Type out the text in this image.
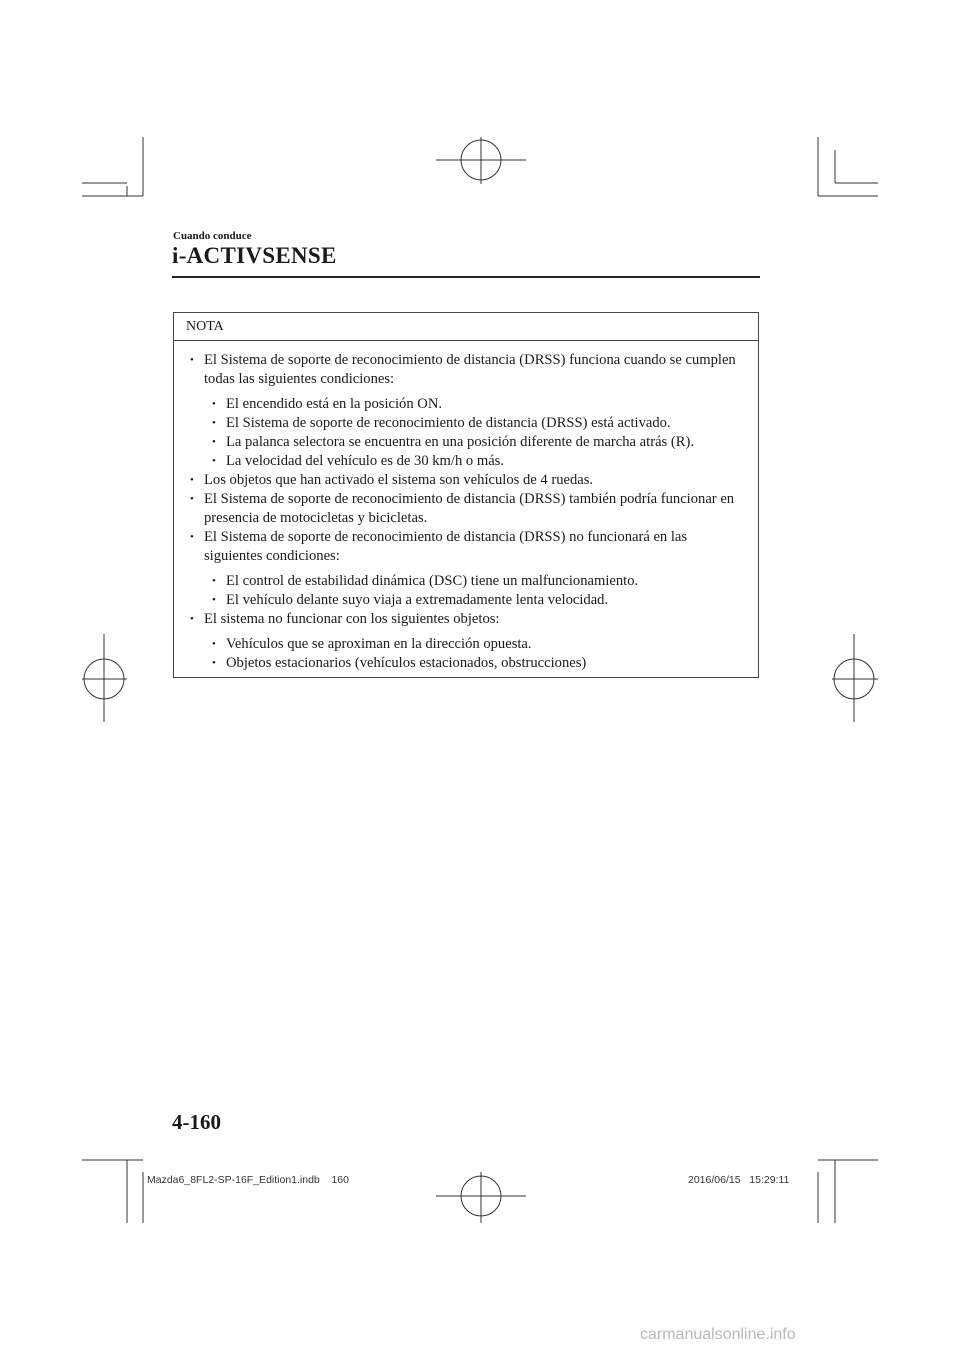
Cuando conduce
i-ACTIVSENSE
NOTA
• El Sistema de soporte de reconocimiento de distancia (DRSS) funciona cuando se cumplen todas las siguientes condiciones:
• El encendido está en la posición ON.
• El Sistema de soporte de reconocimiento de distancia (DRSS) está activado.
• La palanca selectora se encuentra en una posición diferente de marcha atrás (R).
• La velocidad del vehículo es de 30 km/h o más.
• Los objetos que han activado el sistema son vehículos de 4 ruedas.
• El Sistema de soporte de reconocimiento de distancia (DRSS) también podría funcionar en presencia de motocicletas y bicicletas.
• El Sistema de soporte de reconocimiento de distancia (DRSS) no funcionará en las siguientes condiciones:
• El control de estabilidad dinámica (DSC) tiene un malfuncionamiento.
• El vehículo delante suyo viaja a extremadamente lenta velocidad.
• El sistema no funcionar con los siguientes objetos:
• Vehículos que se aproximan en la dirección opuesta.
• Objetos estacionarios (vehículos estacionados, obstrucciones)
4-160
Mazda6_8FL2-SP-16F_Edition1.indb    160	2016/06/15   15:29:11
carmanualsonline.info
